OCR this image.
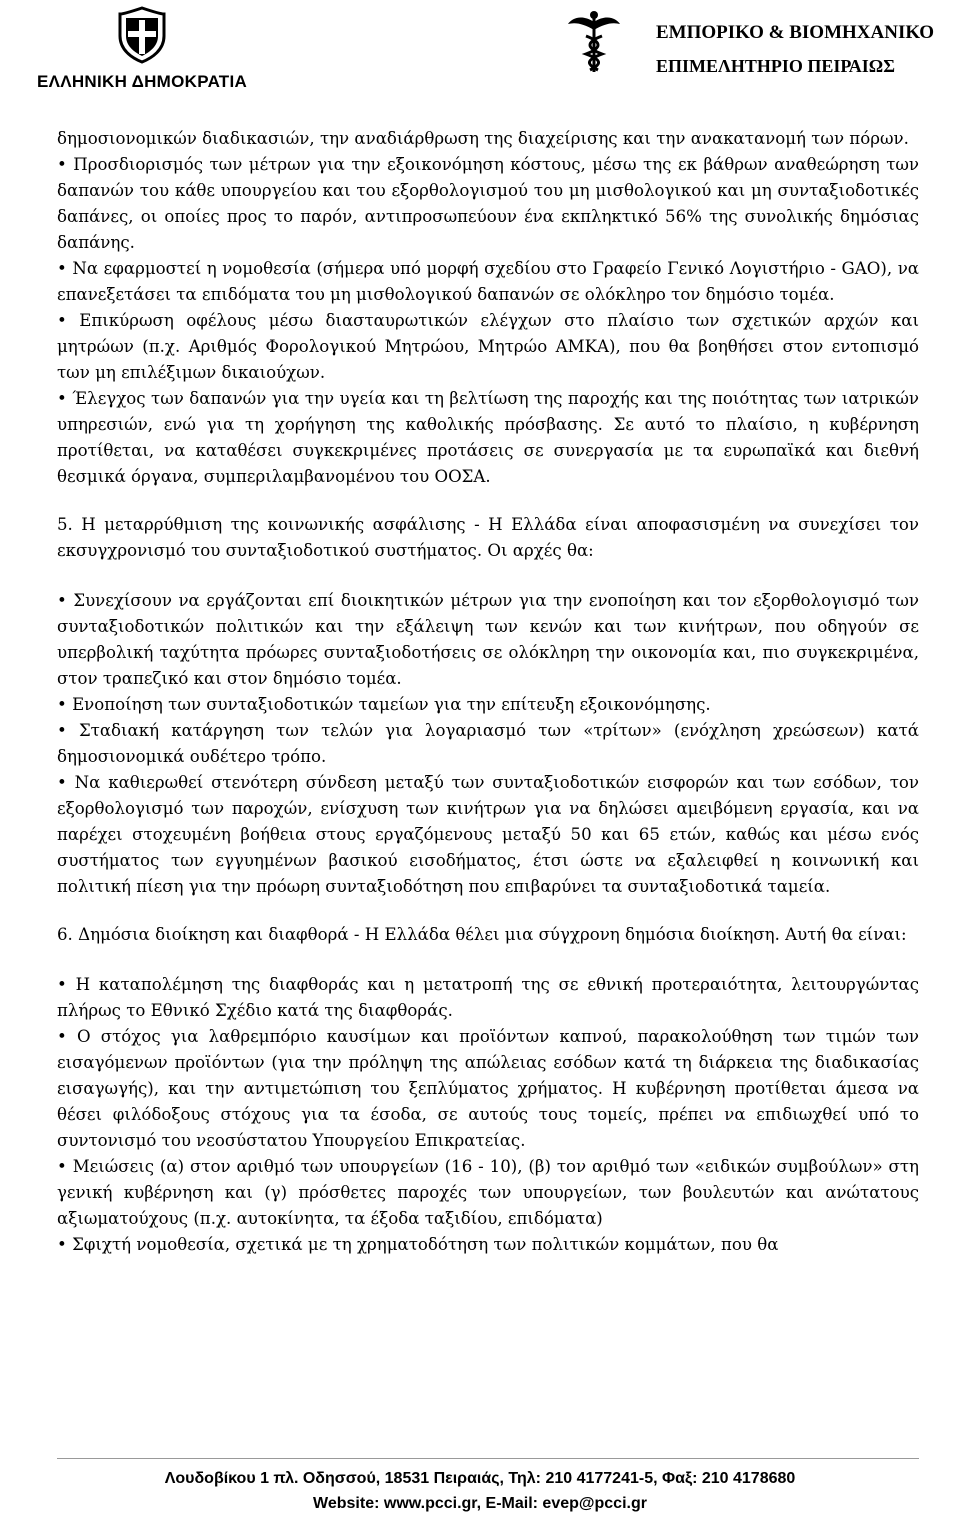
ΕΛΛΗΝΙΚΗ ΔΗΜΟΚΡΑΤΙΑ
ΕΜΠΟΡΙΚΟ & ΒΙΟΜΗΧΑΝΙΚΟ
ΕΠΙΜΕΛΗΤΗΡΙΟ ΠΕΙΡΑΙΩΣ

δημοσιονομικών διαδικασιών, την αναδιάρθρωση της διαχείρισης και την ανακατανομή των πόρων.

• Προσδιορισμός των μέτρων για την εξοικονόμηση κόστους, μέσω της εκ βάθρων αναθεώρηση των δαπανών του κάθε υπουργείου και του εξορθολογισμού του μη μισθολογικού και μη συνταξιοδοτικές δαπάνες, οι οποίες προς το παρόν, αντιπροσωπεύουν ένα εκπληκτικό 56% της συνολικής δημόσιας δαπάνης.

• Να εφαρμοστεί η νομοθεσία (σήμερα υπό μορφή σχεδίου στο Γραφείο Γενικό Λογιστήριο - GAO), να επανεξετάσει τα επιδόματα του μη μισθολογικού δαπανών σε ολόκληρο τον δημόσιο τομέα.

• Επικύρωση οφέλους μέσω διασταυρωτικών ελέγχων στο πλαίσιο των σχετικών αρχών και μητρώων (π.χ. Αριθμός Φορολογικού Μητρώου, Μητρώο ΑΜΚΑ), που θα βοηθήσει στον εντοπισμό των μη επιλέξιμων δικαιούχων.

• Έλεγχος των δαπανών για την υγεία και τη βελτίωση της παροχής και της ποιότητας των ιατρικών υπηρεσιών, ενώ για τη χορήγηση της καθολικής πρόσβασης. Σε αυτό το πλαίσιο, η κυβέρνηση προτίθεται, να καταθέσει συγκεκριμένες προτάσεις σε συνεργασία με τα ευρωπαϊκά και διεθνή θεσμικά όργανα, συμπεριλαμβανομένου του ΟΟΣΑ.

5. Η μεταρρύθμιση της κοινωνικής ασφάλισης - Η Ελλάδα είναι αποφασισμένη να συνεχίσει τον εκσυγχρονισμό του συνταξιοδοτικού συστήματος. Οι αρχές θα:

• Συνεχίσουν να εργάζονται επί διοικητικών μέτρων για την ενοποίηση και τον εξορθολογισμό των συνταξιοδοτικών πολιτικών και την εξάλειψη των κενών και των κινήτρων, που οδηγούν σε υπερβολική ταχύτητα πρόωρες συνταξιοδοτήσεις σε ολόκληρη την οικονομία και, πιο συγκεκριμένα, στον τραπεζικό και στον δημόσιο τομέα.

• Ενοποίηση των συνταξιοδοτικών ταμείων για την επίτευξη εξοικονόμησης.

• Σταδιακή κατάργηση των τελών για λογαριασμό των «τρίτων» (ενόχληση χρεώσεων) κατά δημοσιονομικά ουδέτερο τρόπο.

• Να καθιερωθεί στενότερη σύνδεση μεταξύ των συνταξιοδοτικών εισφορών και των εσόδων, τον εξορθολογισμό των παροχών, ενίσχυση των κινήτρων για να δηλώσει αμειβόμενη εργασία, και να παρέχει στοχευμένη βοήθεια στους εργαζόμενους μεταξύ 50 και 65 ετών, καθώς και μέσω ενός συστήματος των εγγυημένων βασικού εισοδήματος, έτσι ώστε να εξαλειφθεί η κοινωνική και πολιτική πίεση για την πρόωρη συνταξιοδότηση που επιβαρύνει τα συνταξιοδοτικά ταμεία.

6. Δημόσια διοίκηση και διαφθορά - Η Ελλάδα θέλει μια σύγχρονη δημόσια διοίκηση. Αυτή θα είναι:

• Η καταπολέμηση της διαφθοράς και η μετατροπή της σε εθνική προτεραιότητα, λειτουργώντας πλήρως το Εθνικό Σχέδιο κατά της διαφθοράς.

• Ο στόχος για λαθρεμπόριο καυσίμων και προϊόντων καπνού, παρακολούθηση των τιμών των εισαγόμενων προϊόντων (για την πρόληψη της απώλειας εσόδων κατά τη διάρκεια της διαδικασίας εισαγωγής), και την αντιμετώπιση του ξεπλύματος χρήματος. Η κυβέρνηση προτίθεται άμεσα να θέσει φιλόδοξους στόχους για τα έσοδα, σε αυτούς τους τομείς, πρέπει να επιδιωχθεί υπό το συντονισμό του νεοσύστατου Υπουργείου Επικρατείας.

• Μειώσεις (α) στον αριθμό των υπουργείων (16 - 10), (β) τον αριθμό των «ειδικών συμβούλων» στη γενική κυβέρνηση και (γ) πρόσθετες παροχές των υπουργείων, των βουλευτών και ανώτατους αξιωματούχους (π.χ. αυτοκίνητα, τα έξοδα ταξιδίου, επιδόματα)

• Σφιχτή νομοθεσία, σχετικά με τη χρηματοδότηση των πολιτικών κομμάτων, που θα

Λουδοβίκου 1 πλ. Οδησσού, 18531 Πειραιάς, Τηλ: 210 4177241-5, Φαξ: 210 4178680
Website: www.pcci.gr, E-Mail: evep@pcci.gr
